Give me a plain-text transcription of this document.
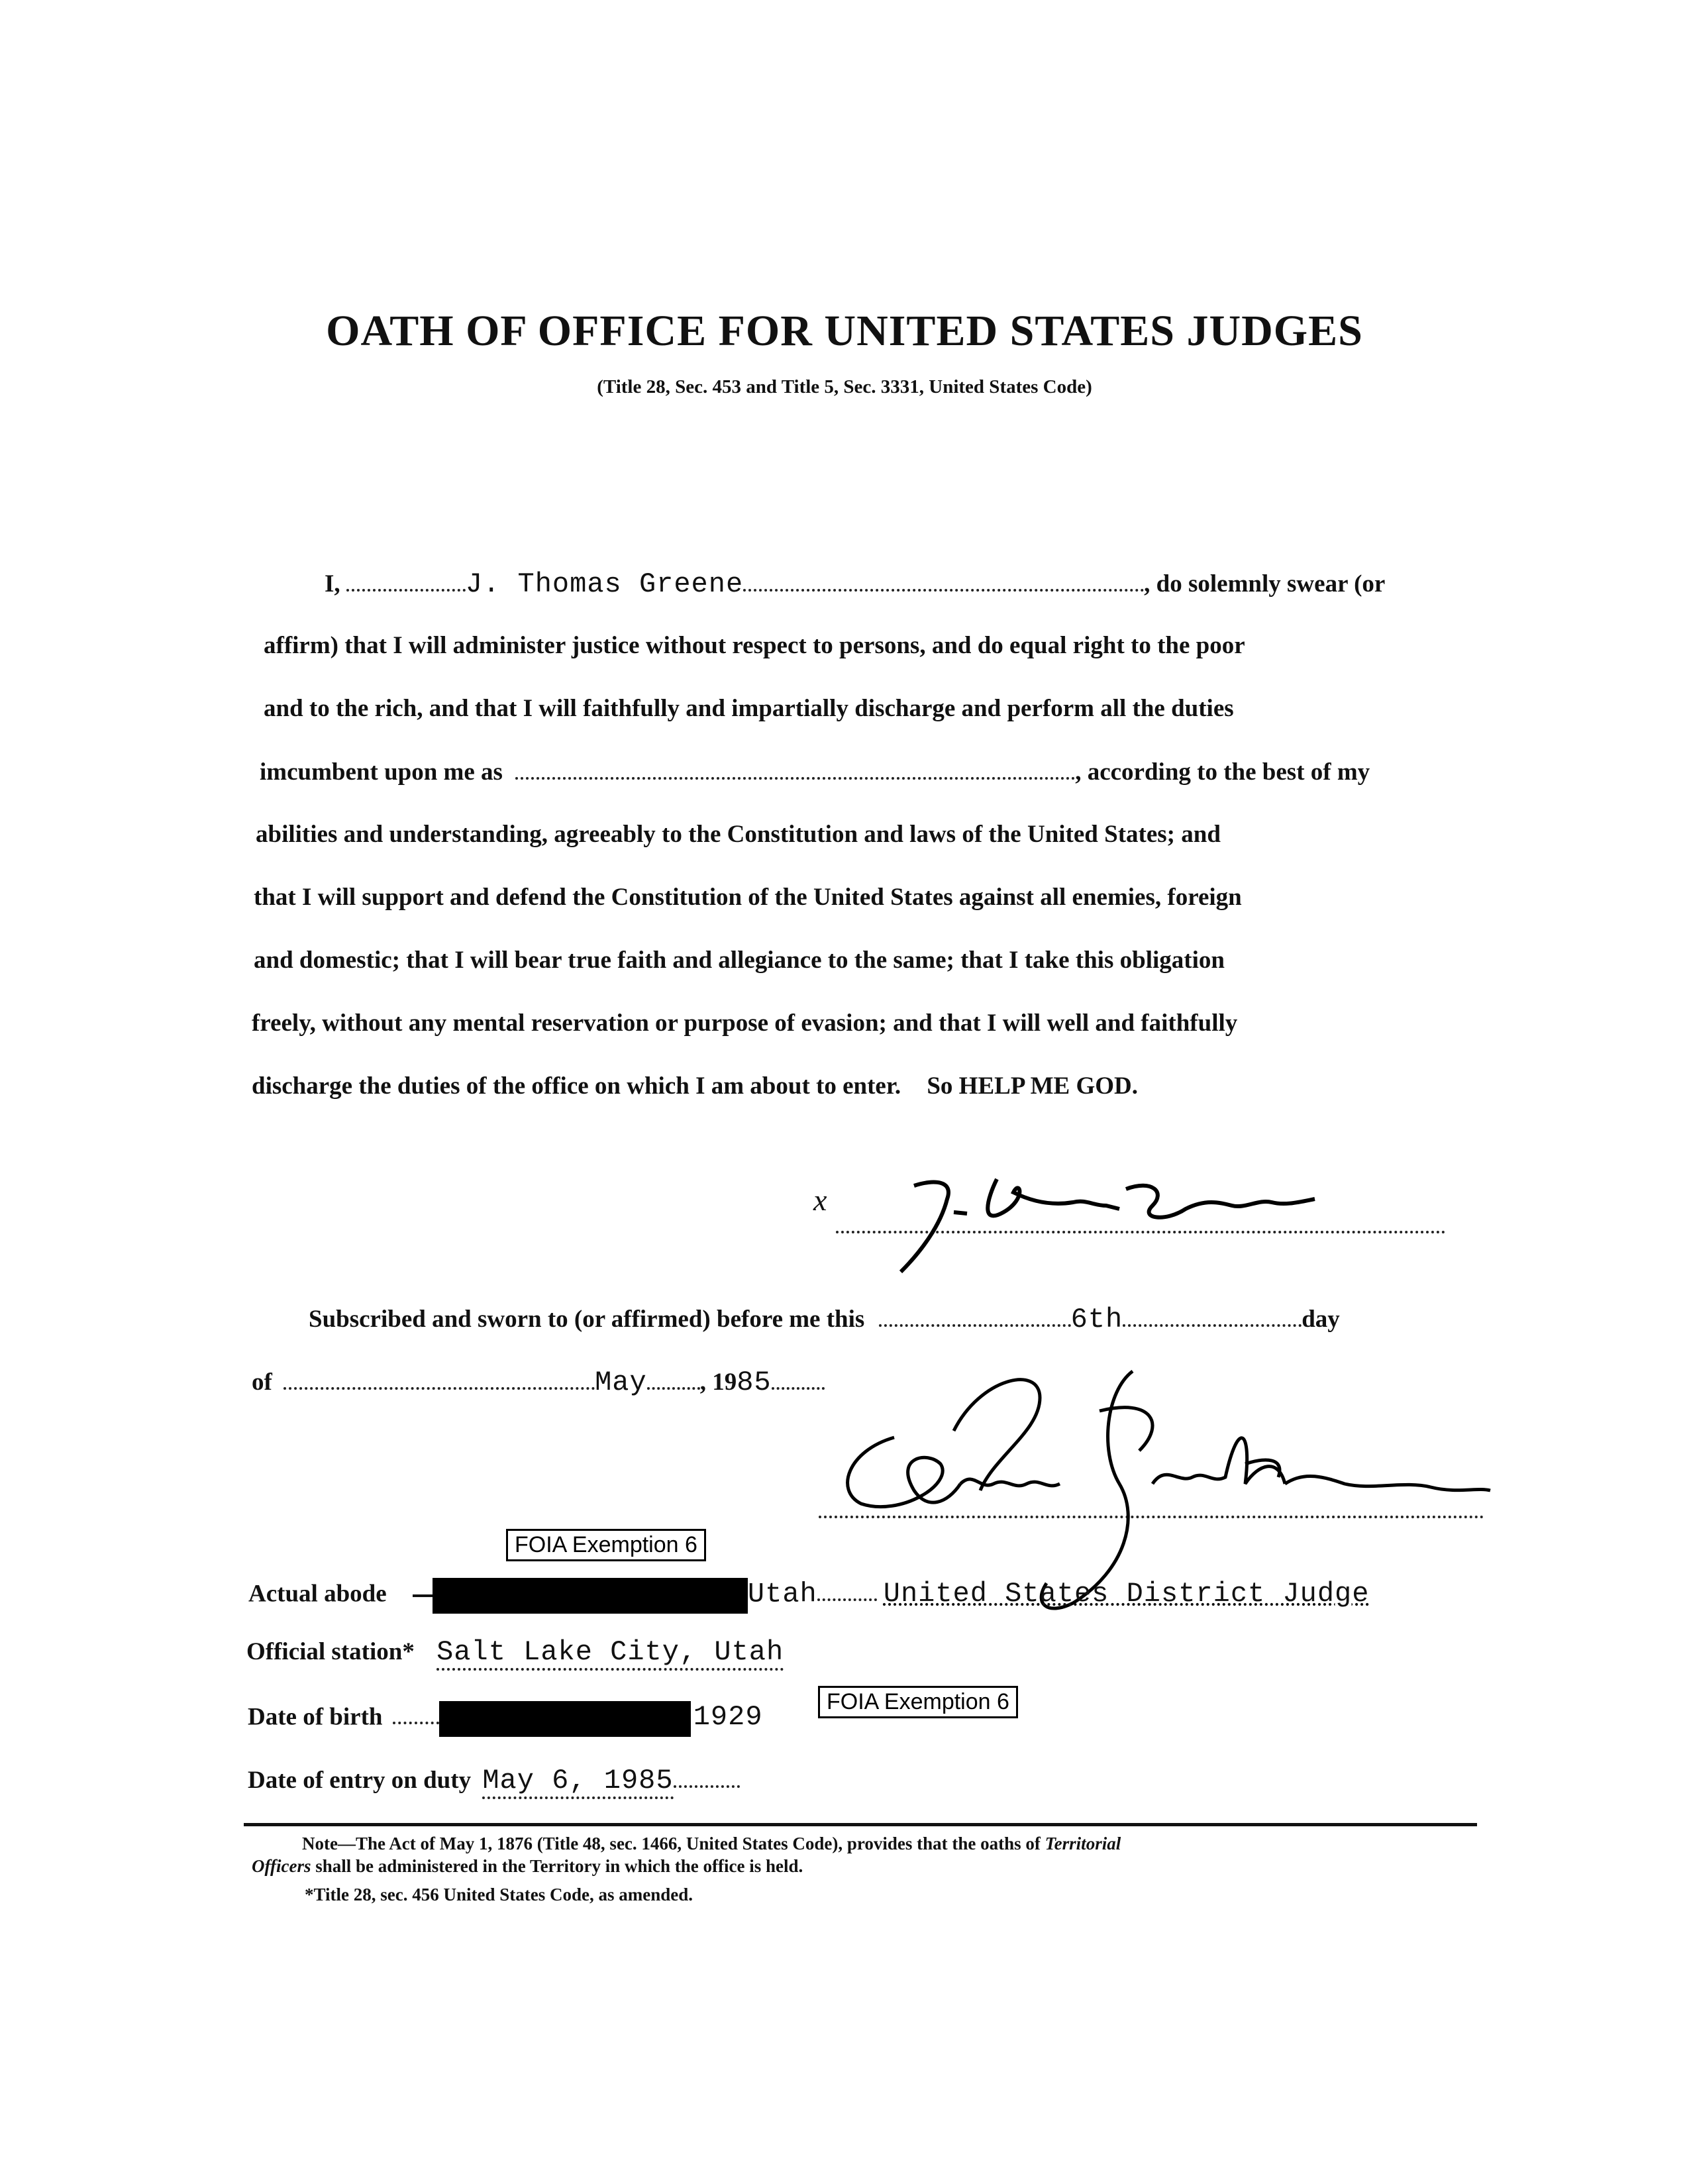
OATH OF OFFICE FOR UNITED STATES JUDGES
(Title 28, Sec. 453 and Title 5, Sec. 3331, United States Code)
I,	J. Thomas Greene	, do solemnly swear (or
affirm) that I will administer justice without respect to persons, and do equal right to the poor
and to the rich, and that I will faithfully and impartially discharge and perform all the duties
imcumbent upon me as	, according to the best of my
abilities and understanding, agreeably to the Constitution and laws of the United States; and
that I will support and defend the Constitution of the United States against all enemies, foreign
and domestic; that I will bear true faith and allegiance to the same; that I take this obligation
freely, without any mental reservation or purpose of evasion; and that I will well and faithfully
discharge the duties of the office on which I am about to enter. So HELP ME GOD.
x
Subscribed and sworn to (or affirmed) before me this	6th	day
of	May , 1985
FOIA Exemption 6
Actual abode	Utah United States District Judge
Official station* Salt Lake City, Utah
Date of birth	1929	FOIA Exemption 6
Date of entry on duty May 6, 1985
Note—The Act of May 1, 1876 (Title 48, sec. 1466, United States Code), provides that the oaths of Territorial
Officers shall be administered in the Territory in which the office is held.
*Title 28, sec. 456 United States Code, as amended.
